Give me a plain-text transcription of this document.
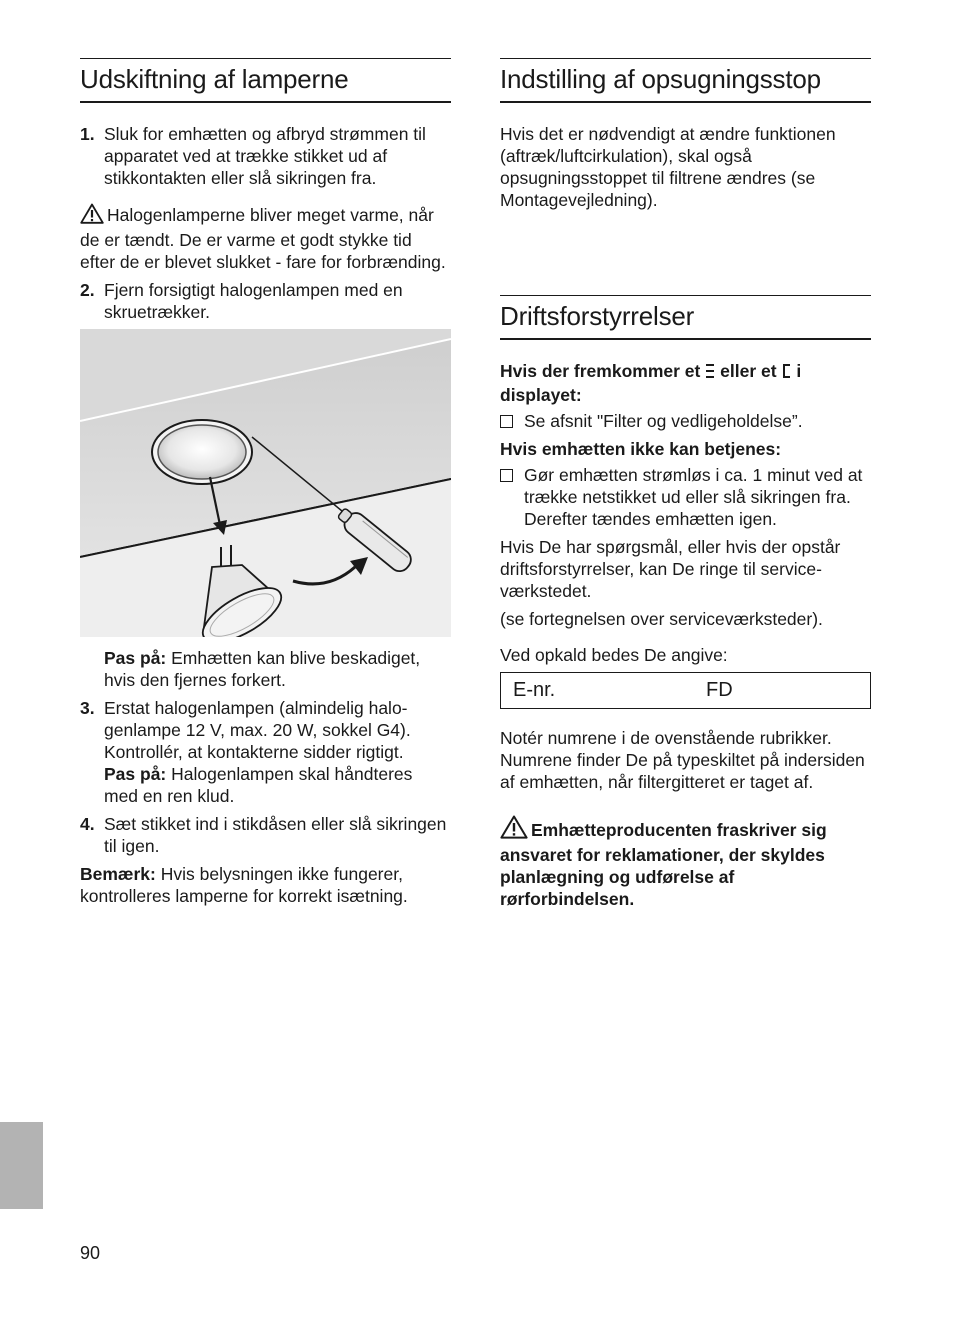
Udskiftning af lamperne
1. Sluk for emhætten og afbryd strømmen til apparatet ved at trække stikket ud af stikkontakten eller slå sikringen fra.

Halogenlamperne bliver meget varme, når de er tændt. De er varme et godt stykke tid efter de er blevet slukket - fare for forbrænding.

2. Fjern forsigtigt halogenlampen med en skruetrækker.

Pas på: Emhætten kan blive beskadiget, hvis den fjernes forkert.

3. Erstat halogenlampen (almindelig halo-genlampe 12 V, max. 20 W, sokkel G4). Kontrollér, at kontakterne sidder rigtigt.
Pas på: Halogenlampen skal håndteres med en ren klud.
4. Sæt stikket ind i stikdåsen eller slå sikringen til igen.

Bemærk: Hvis belysningen ikke fungerer, kontrolleres lamperne for korrekt isætning.

Indstilling af opsugningsstop

Hvis det er nødvendigt at ændre funktionen (aftræk/luftcirkulation), skal også opsugningsstoppet til filtrene ændres (se Montagevejledning).

Driftsforstyrrelser

Hvis der fremkommer et eller et i displayet:

Se afsnit "Filter og vedligeholdelse”.

Hvis emhætten ikke kan betjenes:

Gør emhætten strømløs i ca. 1 minut ved at trække netstikket ud eller slå sikringen fra.
Derefter tændes emhætten igen.

Hvis De har spørgsmål, eller hvis der opstår driftsforstyrrelser, kan De ringe til service-værkstedet.

(se fortegnelsen over serviceværksteder).

Ved opkald bedes De angive:

E-nr.	FD

Notér numrene i de ovenstående rubrikker. Numrene finder De på typeskiltet på indersiden af emhætten, når filtergitteret er taget af.

Emhætteproducenten fraskriver sig ansvaret for reklamationer, der skyldes planlægning og udførelse af rørforbindelsen.

90
